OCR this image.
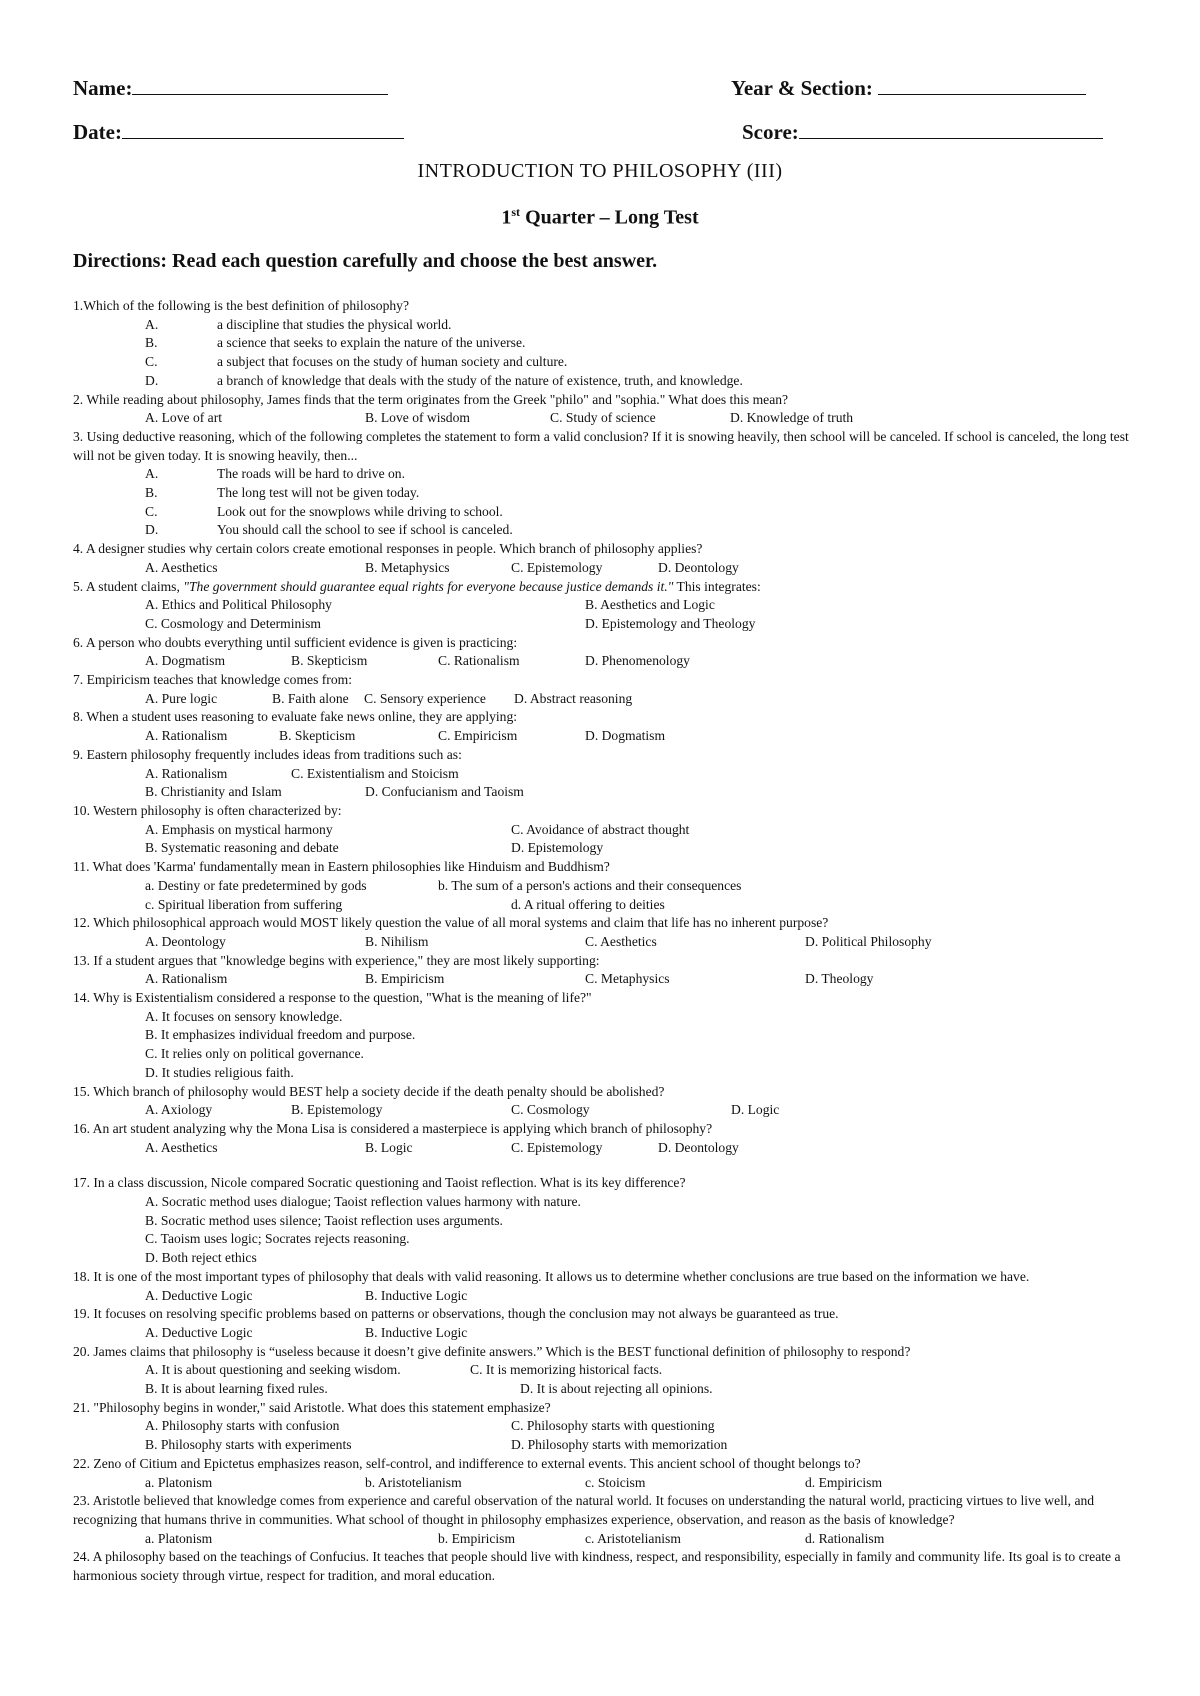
Name:	Year & Section:
Date:	Score:
INTRODUCTION TO PHILOSOPHY (III)
1st Quarter – Long Test
Directions: Read each question carefully and choose the best answer.
1.Which of the following is the best definition of philosophy?
A.	a discipline that studies the physical world.
B.	a science that seeks to explain the nature of the universe.
C.	a subject that focuses on the study of human society and culture.
D.	a branch of knowledge that deals with the study of the nature of existence, truth, and knowledge.
2. While reading about philosophy, James finds that the term originates from the Greek "philo" and "sophia." What does this mean?
A. Love of art	B. Love of wisdom	C. Study of science	D. Knowledge of truth
3. Using deductive reasoning, which of the following completes the statement to form a valid conclusion? If it is snowing heavily, then school will be canceled. If school is canceled, the long test will not be given today. It is snowing heavily, then...
A.	The roads will be hard to drive on.
B.	The long test will not be given today.
C.	Look out for the snowplows while driving to school.
D.	You should call the school to see if school is canceled.
4. A designer studies why certain colors create emotional responses in people. Which branch of philosophy applies?
A. Aesthetics	B. Metaphysics	C. Epistemology	D. Deontology
5. A student claims, "The government should guarantee equal rights for everyone because justice demands it." This integrates:
A. Ethics and Political Philosophy	B. Aesthetics and Logic
C. Cosmology and Determinism	D. Epistemology and Theology
6. A person who doubts everything until sufficient evidence is given is practicing:
A. Dogmatism	B. Skepticism	C. Rationalism	D. Phenomenology
7. Empiricism teaches that knowledge comes from:
A. Pure logic	B. Faith alone	C. Sensory experience	D. Abstract reasoning
8. When a student uses reasoning to evaluate fake news online, they are applying:
A. Rationalism	B. Skepticism	C. Empiricism	D. Dogmatism
9. Eastern philosophy frequently includes ideas from traditions such as:
A. Rationalism	C. Existentialism and Stoicism
B. Christianity and Islam	D. Confucianism and Taoism
10. Western philosophy is often characterized by:
A. Emphasis on mystical harmony	C. Avoidance of abstract thought
B. Systematic reasoning and debate	D. Epistemology
11. What does 'Karma' fundamentally mean in Eastern philosophies like Hinduism and Buddhism?
a. Destiny or fate predetermined by gods	b. The sum of a person's actions and their consequences
c. Spiritual liberation from suffering	d. A ritual offering to deities
12. Which philosophical approach would MOST likely question the value of all moral systems and claim that life has no inherent purpose?
A. Deontology	B. Nihilism	C. Aesthetics	D. Political Philosophy
13. If a student argues that "knowledge begins with experience," they are most likely supporting:
A. Rationalism	B. Empiricism	C. Metaphysics	D. Theology
14. Why is Existentialism considered a response to the question, "What is the meaning of life?"
A. It focuses on sensory knowledge.
B. It emphasizes individual freedom and purpose.
C. It relies only on political governance.
D. It studies religious faith.
15. Which branch of philosophy would BEST help a society decide if the death penalty should be abolished?
A. Axiology	B. Epistemology	C. Cosmology	D. Logic
16. An art student analyzing why the Mona Lisa is considered a masterpiece is applying which branch of philosophy?
A. Aesthetics	B. Logic	C. Epistemology	D. Deontology
17. In a class discussion, Nicole compared Socratic questioning and Taoist reflection. What is its key difference?
A. Socratic method uses dialogue; Taoist reflection values harmony with nature.
B. Socratic method uses silence; Taoist reflection uses arguments.
C. Taoism uses logic; Socrates rejects reasoning.
D. Both reject ethics
18. It is one of the most important types of philosophy that deals with valid reasoning. It allows us to determine whether conclusions are true based on the information we have.
A. Deductive Logic	B. Inductive Logic
19. It focuses on resolving specific problems based on patterns or observations, though the conclusion may not always be guaranteed as true.
A. Deductive Logic	B. Inductive Logic
20. James claims that philosophy is “useless because it doesn’t give definite answers.” Which is the BEST functional definition of philosophy to respond?
A. It is about questioning and seeking wisdom.	C. It is memorizing historical facts.
B. It is about learning fixed rules.	D. It is about rejecting all opinions.
21. "Philosophy begins in wonder," said Aristotle. What does this statement emphasize?
A. Philosophy starts with confusion	C. Philosophy starts with questioning
B. Philosophy starts with experiments	D. Philosophy starts with memorization
22. Zeno of Citium and Epictetus emphasizes reason, self-control, and indifference to external events. This ancient school of thought belongs to?
a. Platonism	b. Aristotelianism	c. Stoicism	d. Empiricism
23. Aristotle believed that knowledge comes from experience and careful observation of the natural world. It focuses on understanding the natural world, practicing virtues to live well, and recognizing that humans thrive in communities. What school of thought in philosophy emphasizes experience, observation, and reason as the basis of knowledge?
a. Platonism	b. Empiricism	c. Aristotelianism	d. Rationalism
24. A philosophy based on the teachings of Confucius. It teaches that people should live with kindness, respect, and responsibility, especially in family and community life. Its goal is to create a harmonious society through virtue, respect for tradition, and moral education.
